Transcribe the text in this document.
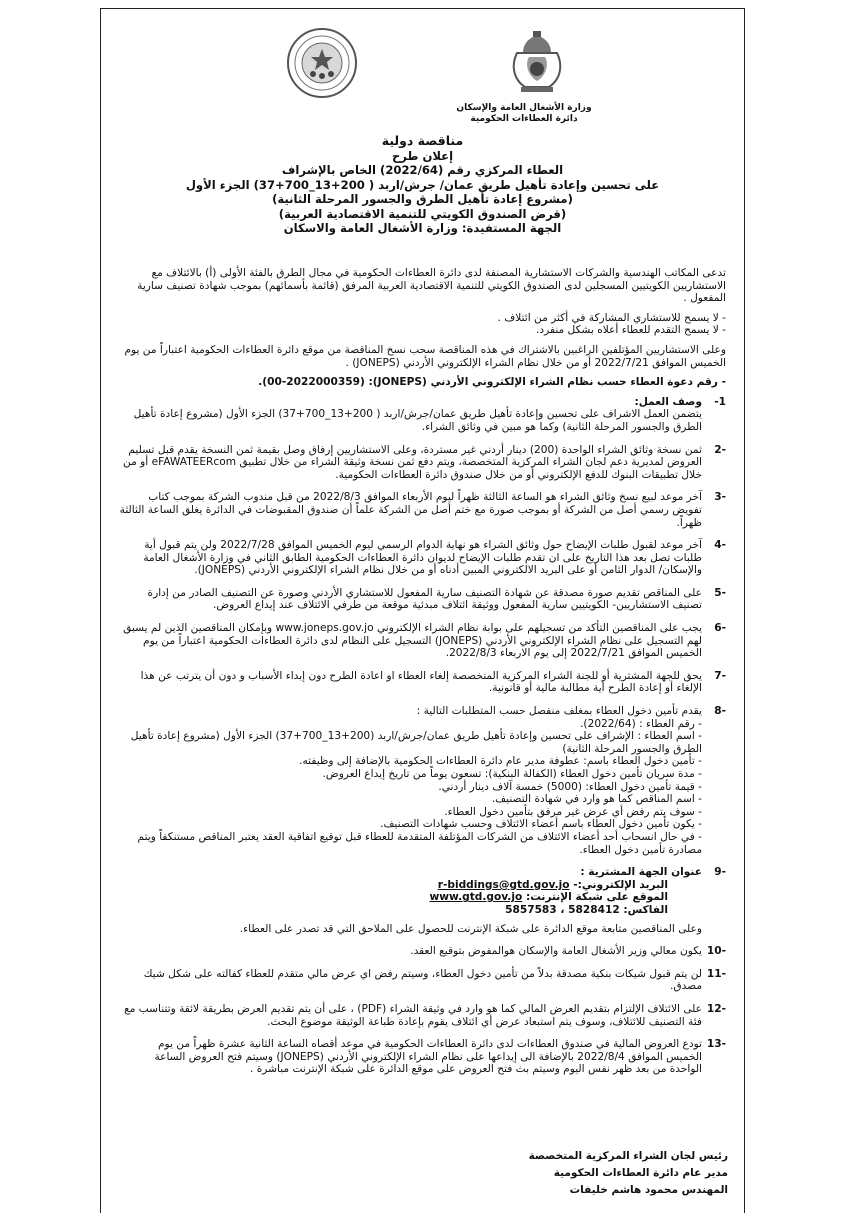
وزارة الأشغال العامة والإسكان
دائرة العطاءات الحكومية
مناقصة دولية
إعلان طرح
العطاء المركزي رقم (2022/64) الخاص بالإشراف
على تحسين وإعادة تأهيل طريق عمان/ جرش/اربد ( 200+13_700+37) الجزء الأول
(مشروع إعادة تأهيل الطرق والجسور المرحلة الثانية)
(قرض الصندوق الكويتي للتنمية الاقتصادية العربية)
الجهة المستفيدة: وزارة الأشغال العامة والاسكان

تدعى المكاتب الهندسية والشركات الاستشارية المصنفة لدى دائرة العطاءات الحكومية في مجال الطرق بالفئة الأولى (أ) بالائتلاف مع الاستشاريين الكويتيين المسجلين لدى الصندوق الكويتي للتنمية الاقتصادية العربية المرفق (قائمة بأسمائهم) بموجب شهادة تصنيف سارية المفعول .

- لا يسمح للاستشاري المشاركة في أكثر من ائتلاف .
- لا يسمح التقدم للعطاء أعلاه بشكل منفرد.

وعلى الاستشاريين المؤتلفين الراغبين بالاشتراك في هذه المناقصة سحب نسخ المناقصة من موقع دائرة العطاءات الحكومية اعتباراً من يوم الخميس الموافق 2022/7/21 أو من خلال نظام الشراء الإلكتروني الأردني (JONEPS) .

- رقم دعوة العطاء حسب نظام الشراء الإلكتروني الأردني (JONEPS): (00-2022000359).

1-
وصف العمل:
يتضمن العمل الاشراف على تحسين وإعادة تأهيل طريق عمان/جرش/اربد ( 200+13_700+37) الجزء الأول (مشروع إعادة تأهيل الطرق والجسور المرحلة الثانية) وكما هو مبين في وثائق الشراء.
-2
ثمن نسخة وثائق الشراء الواحدة (200) دينار أردني غير مستردة، وعلى الاستشاريين إرفاق وصل بقيمة ثمن النسخة يقدم قبل تسليم العروض لمديرية دعم لجان الشراء المركزية المتخصصة، ويتم دفع ثمن نسخة وثيقة الشراء من خلال تطبيق eFAWATEERcom أو من خلال تطبيقات البنوك للدفع الإلكتروني أو من خلال صندوق دائرة العطاءات الحكومية.
-3
آخر موعد لبيع نسخ وثائق الشراء هو الساعة الثالثة ظهراً ليوم الأربعاء الموافق 2022/8/3 من قبل مندوب الشركة بموجب كتاب تفويض رسمي أصل من الشركة أو بموجب صورة مع ختم أصل من الشركة علماً أن صندوق المقبوضات في الدائرة يغلق الساعة الثالثة ظهراً.
-4
آخر موعد لقبول طلبات الإيضاح حول وثائق الشراء هو نهاية الدوام الرسمي ليوم الخميس الموافق 2022/7/28 ولن يتم قبول أية طلبات تصل بعد هذا التاريخ على ان تقدم طلبات الإيضاح لديوان دائرة العطاءات الحكومية الطابق الثاني في وزارة الأشغال العامة والإسكان/ الدوار الثامن أو على البريد الالكتروني المبين أدناه أو من خلال نظام الشراء الإلكتروني الأردني (JONEPS).
-5
على المناقص تقديم صورة مصدقة عن شهادة التصنيف سارية المفعول للاستشاري الأردني وصورة عن التصنيف الصادر من إدارة تصنيف الاستشاريين- الكويتيين سارية المفعول ووثيقة ائتلاف مبدئية موقعة من طرفي الائتلاف عند إيداع العروض.
-6
يجب على المناقصين التأكد من تسجيلهم على بوابة نظام الشراء الإلكتروني www.joneps.gov.jo وبإمكان المناقصين الذين لم يسبق لهم التسجيل على نظام الشراء الإلكتروني الأردني (JONEPS) التسجيل على النظام لدى دائرة العطاءات الحكومية اعتباراً من يوم الخميس الموافق 2022/7/21 إلى يوم الاربعاء 2022/8/3.
-7
يحق للجهة المشترية أو للجنة الشراء المركزية المتخصصة إلغاء العطاء او اعادة الطرح دون إبداء الأسباب و دون أن يترتب عن هذا الإلغاء أو إعادة الطرح أية مطالبة مالية أو قانونية.
-8
يقدم تأمين دخول العطاء بمغلف منفصل حسب المتطلبات التالية :
- رقم العطاء : (2022/64).
- اسم العطاء : الإشراف على تحسين وإعادة تأهيل طريق عمان/جرش/اربد (200+13_700+37) الجزء الأول (مشروع إعادة تأهيل الطرق والجسور المرحلة الثانية)
- تأمين دخول العطاء باسم: عطوفة مدير عام دائرة العطاءات الحكومية بالإضافة إلى وظيفته.
- مدة سريان تأمين دخول العطاء (الكفالة البنكية): تسعون يوماً من تاريخ إيداع العروض.
- قيمة تأمين دخول العطاء: (5000) خمسة آلاف دينار أردني.
- اسم المناقص كما هو وارد في شهادة التصنيف.
- سوف يتم رفض أي عرض غير مرفق بتأمين دخول العطاء.
- يكون تأمين دخول العطاء باسم أعضاء الائتلاف وحسب شهادات التصنيف.
- في حال انسحاب أحد أعضاء الائتلاف من الشركات المؤتلفة المتقدمة للعطاء قبل توقيع اتفاقية العقد يعتبر المناقص مستنكفاً ويتم مصادرة تأمين دخول العطاء.
-9
عنوان الجهة المشترية :
البريد الإلكتروني:- r-biddings@gtd.gov.jo
الموقع على شبكة الإنترنت: www.gtd.gov.jo
الفاكس: 5828412 ، 5857583
وعلى المناقصين متابعة موقع الدائرة على شبكة الإنترنت للحصول على الملاحق التي قد تصدر على العطاء.
-10
يكون معالي وزير الأشغال العامة والإسكان هوالمفوض بتوقيع العقد.
-11
لن يتم قبول شيكات بنكية مصدقة بدلاً من تأمين دخول العطاء، وسيتم رفض اي عرض مالي متقدم للعطاء كفالته على شكل شيك مصدق.
-12
على الائتلاف الإلتزام بتقديم العرض المالي كما هو وارد في وثيقة الشراء (PDF) ، على أن يتم تقديم العرض بطريقة لائقة وتتناسب مع فئة التصنيف للائتلاف، وسوف يتم استبعاد عرض أي ائتلاف يقوم بإعادة طباعة الوثيقة موضوع البحث.
-13
تودع العروض المالية في صندوق العطاءات لدى دائرة العطاءات الحكومية في موعد أقصاه الساعة الثانية عشرة ظهراً من يوم الخميس الموافق 2022/8/4 بالإضافة الى إيداعها على نظام الشراء الإلكتروني الأردني (JONEPS) وسيتم فتح العروض الساعة الواحدة من بعد ظهر نفس اليوم وسيتم بث فتح العروض على موقع الدائرة على شبكة الإنترنت مباشرة .
رئيس لجان الشراء المركزية المتخصصة
مدير عام دائرة العطاءات الحكومية
المهندس محمود هاشم خليفات
